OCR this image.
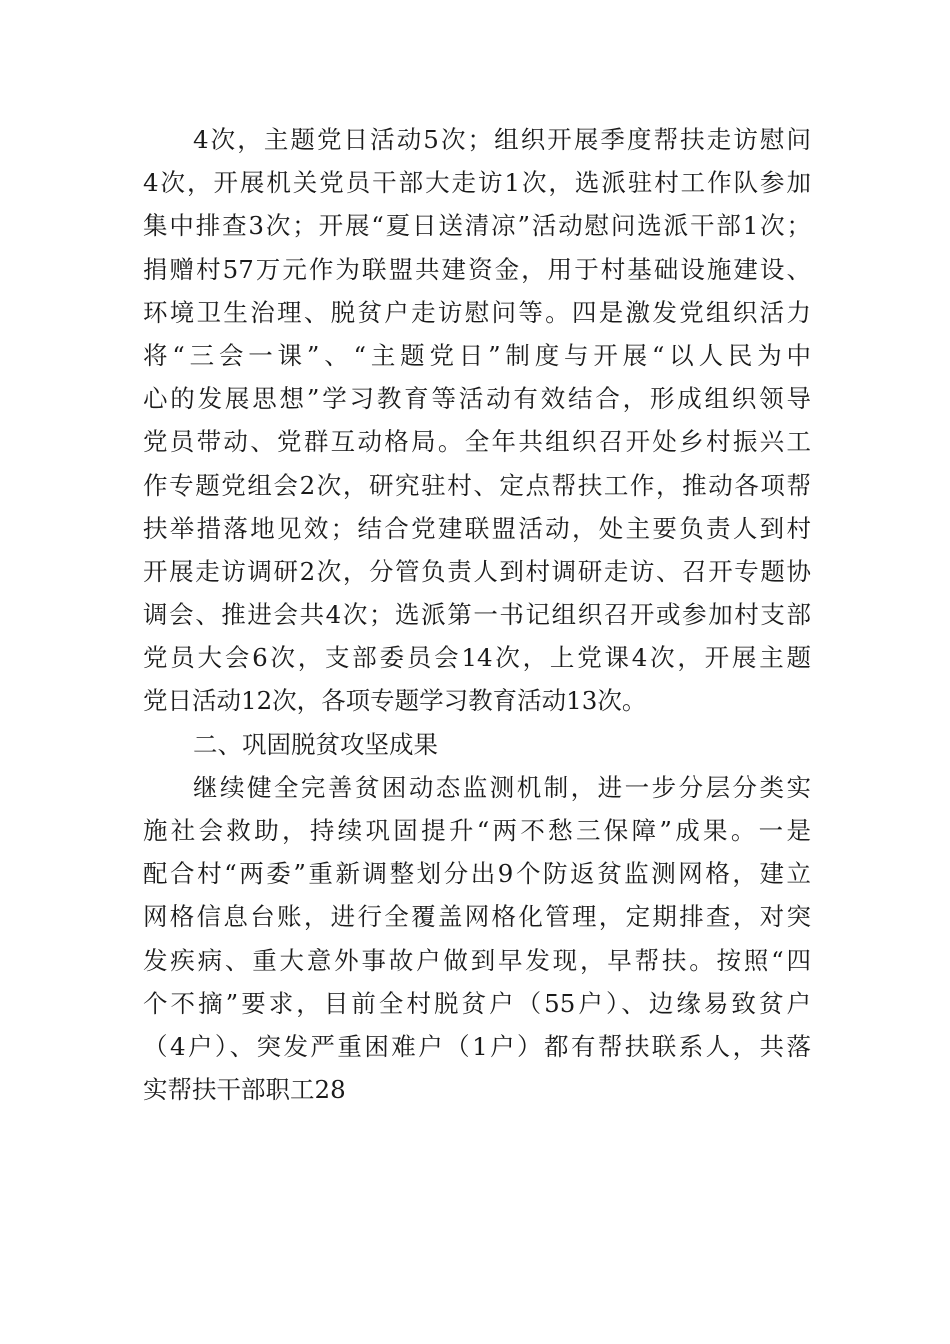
4次，主题党日活动5次；组织开展季度帮扶走访慰问
4次，开展机关党员干部大走访1次，选派驻村工作队参加
集中排查3次；开展“夏日送清凉”活动慰问选派干部1次；
捐赠村57万元作为联盟共建资金，用于村基础设施建设、
环境卫生治理、脱贫户走访慰问等。四是激发党组织活力
将“三会一课”、“主题党日”制度与开展“以人民为中
心的发展思想”学习教育等活动有效结合，形成组织领导
党员带动、党群互动格局。全年共组织召开处乡村振兴工
作专题党组会2次，研究驻村、定点帮扶工作，推动各项帮
扶举措落地见效；结合党建联盟活动，处主要负责人到村
开展走访调研2次，分管负责人到村调研走访、召开专题协
调会、推进会共4次；选派第一书记组织召开或参加村支部
党员大会6次，支部委员会14次，上党课4次，开展主题
党日活动12次，各项专题学习教育活动13次。
二、巩固脱贫攻坚成果
继续健全完善贫困动态监测机制，进一步分层分类实
施社会救助，持续巩固提升“两不愁三保障”成果。一是
配合村“两委”重新调整划分出9个防返贫监测网格，建立
网格信息台账，进行全覆盖网格化管理，定期排查，对突
发疾病、重大意外事故户做到早发现，早帮扶。按照“四
个不摘”要求，目前全村脱贫户（55户）、边缘易致贫户
（4户）、突发严重困难户（1户）都有帮扶联系人，共落
实帮扶干部职工28
